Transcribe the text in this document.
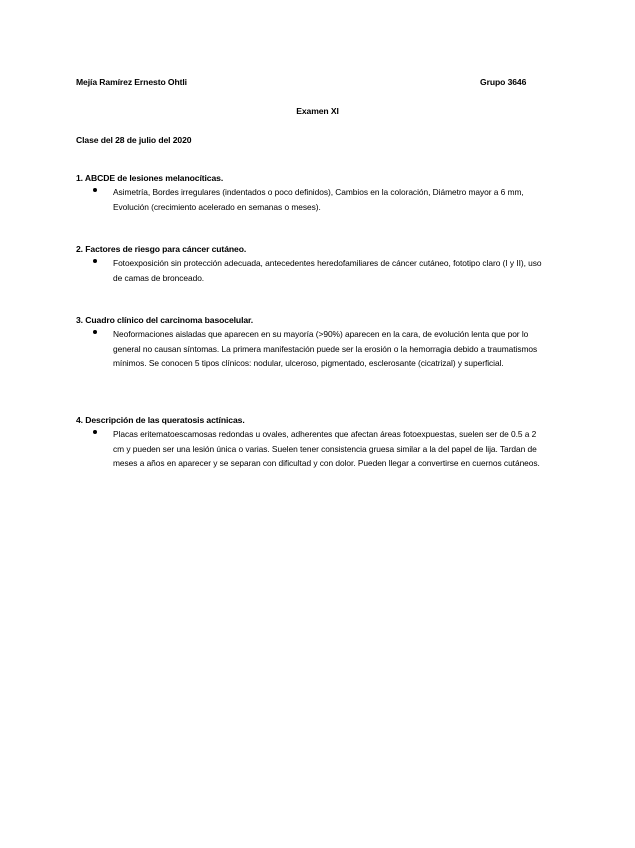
Mejía Ramírez Ernesto Ohtli	Grupo 3646
Examen XI
Clase del 28 de julio del 2020

1. ABCDE de lesiones melanocíticas.

Asimetría, Bordes irregulares (indentados o poco definidos), Cambios en la coloración, Diámetro mayor a 6 mm, Evolución (crecimiento acelerado en semanas o meses).

2. Factores de riesgo para cáncer cutáneo.

Fotoexposición sin protección adecuada, antecedentes heredofamiliares de cáncer cutáneo, fototipo claro (I y II), uso de camas de bronceado.

3. Cuadro clínico del carcinoma basocelular.

Neoformaciones aisladas que aparecen en su mayoría (>90%) aparecen en la cara, de evolución lenta que por lo general no causan síntomas. La primera manifestación puede ser la erosión o la hemorragia debido a traumatismos mínimos. Se conocen 5 tipos clínicos: nodular, ulceroso, pigmentado, esclerosante (cicatrizal) y superficial.

4. Descripción de las queratosis actínicas.

Placas eritematoescamosas redondas u ovales, adherentes que afectan áreas fotoexpuestas, suelen ser de 0.5 a 2 cm y pueden ser una lesión única o varias. Suelen tener consistencia gruesa similar a la del papel de lija. Tardan de meses a años en aparecer y se separan con dificultad y con dolor. Pueden llegar a convertirse en cuernos cutáneos.
